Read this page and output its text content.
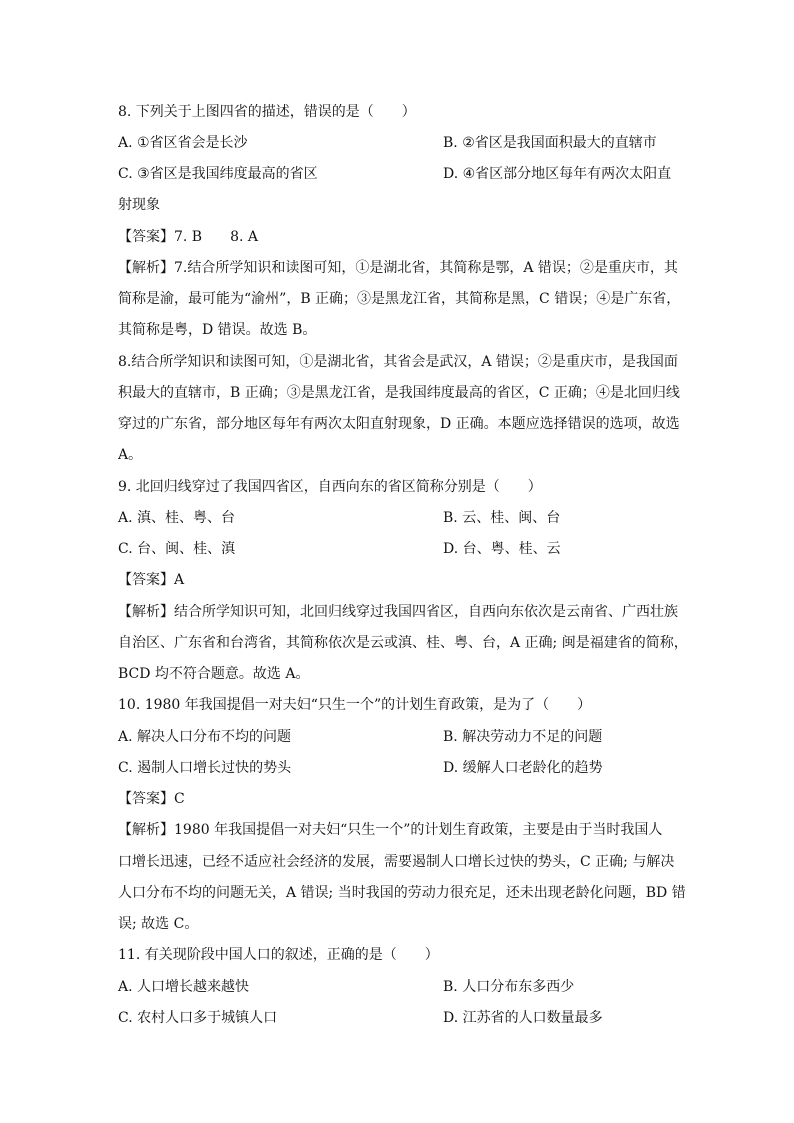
8. 下列关于上图四省的描述，错误的是（　　）
A. ①省区省会是长沙	B. ②省区是我国面积最大的直辖市
C. ③省区是我国纬度最高的省区	D. ④省区部分地区每年有两次太阳直
射现象
【答案】7. B　　8. A
【解析】7.结合所学知识和读图可知，①是湖北省，其简称是鄂，A 错误；②是重庆市，其
简称是渝，最可能为“渝州”，B 正确；③是黑龙江省，其简称是黑，C 错误；④是广东省，
其简称是粤，D 错误。故选 B。
8.结合所学知识和读图可知，①是湖北省，其省会是武汉，A 错误；②是重庆市，是我国面
积最大的直辖市，B 正确；③是黑龙江省，是我国纬度最高的省区，C 正确；④是北回归线
穿过的广东省，部分地区每年有两次太阳直射现象，D 正确。本题应选择错误的选项，故选
A。
9. 北回归线穿过了我国四省区，自西向东的省区简称分别是（　　）
A. 滇、桂、粤、台	B. 云、桂、闽、台
C. 台、闽、桂、滇	D. 台、粤、桂、云
【答案】A
【解析】结合所学知识可知，北回归线穿过我国四省区，自西向东依次是云南省、广西壮族
自治区、广东省和台湾省，其简称依次是云或滇、桂、粤、台，A 正确; 闽是福建省的简称，
BCD 均不符合题意。故选 A。
10. 1980 年我国提倡一对夫妇“只生一个”的计划生育政策，是为了（　　）
A. 解决人口分布不均的问题	B. 解决劳动力不足的问题
C. 遏制人口增长过快的势头	D. 缓解人口老龄化的趋势
【答案】C
【解析】1980 年我国提倡一对夫妇“只生一个”的计划生育政策，主要是由于当时我国人
口增长迅速，已经不适应社会经济的发展，需要遏制人口增长过快的势头，C 正确; 与解决
人口分布不均的问题无关，A 错误; 当时我国的劳动力很充足，还未出现老龄化问题，BD 错
误; 故选 C。
11. 有关现阶段中国人口的叙述，正确的是（　　）
A. 人口增长越来越快	B. 人口分布东多西少
C. 农村人口多于城镇人口	D. 江苏省的人口数量最多
